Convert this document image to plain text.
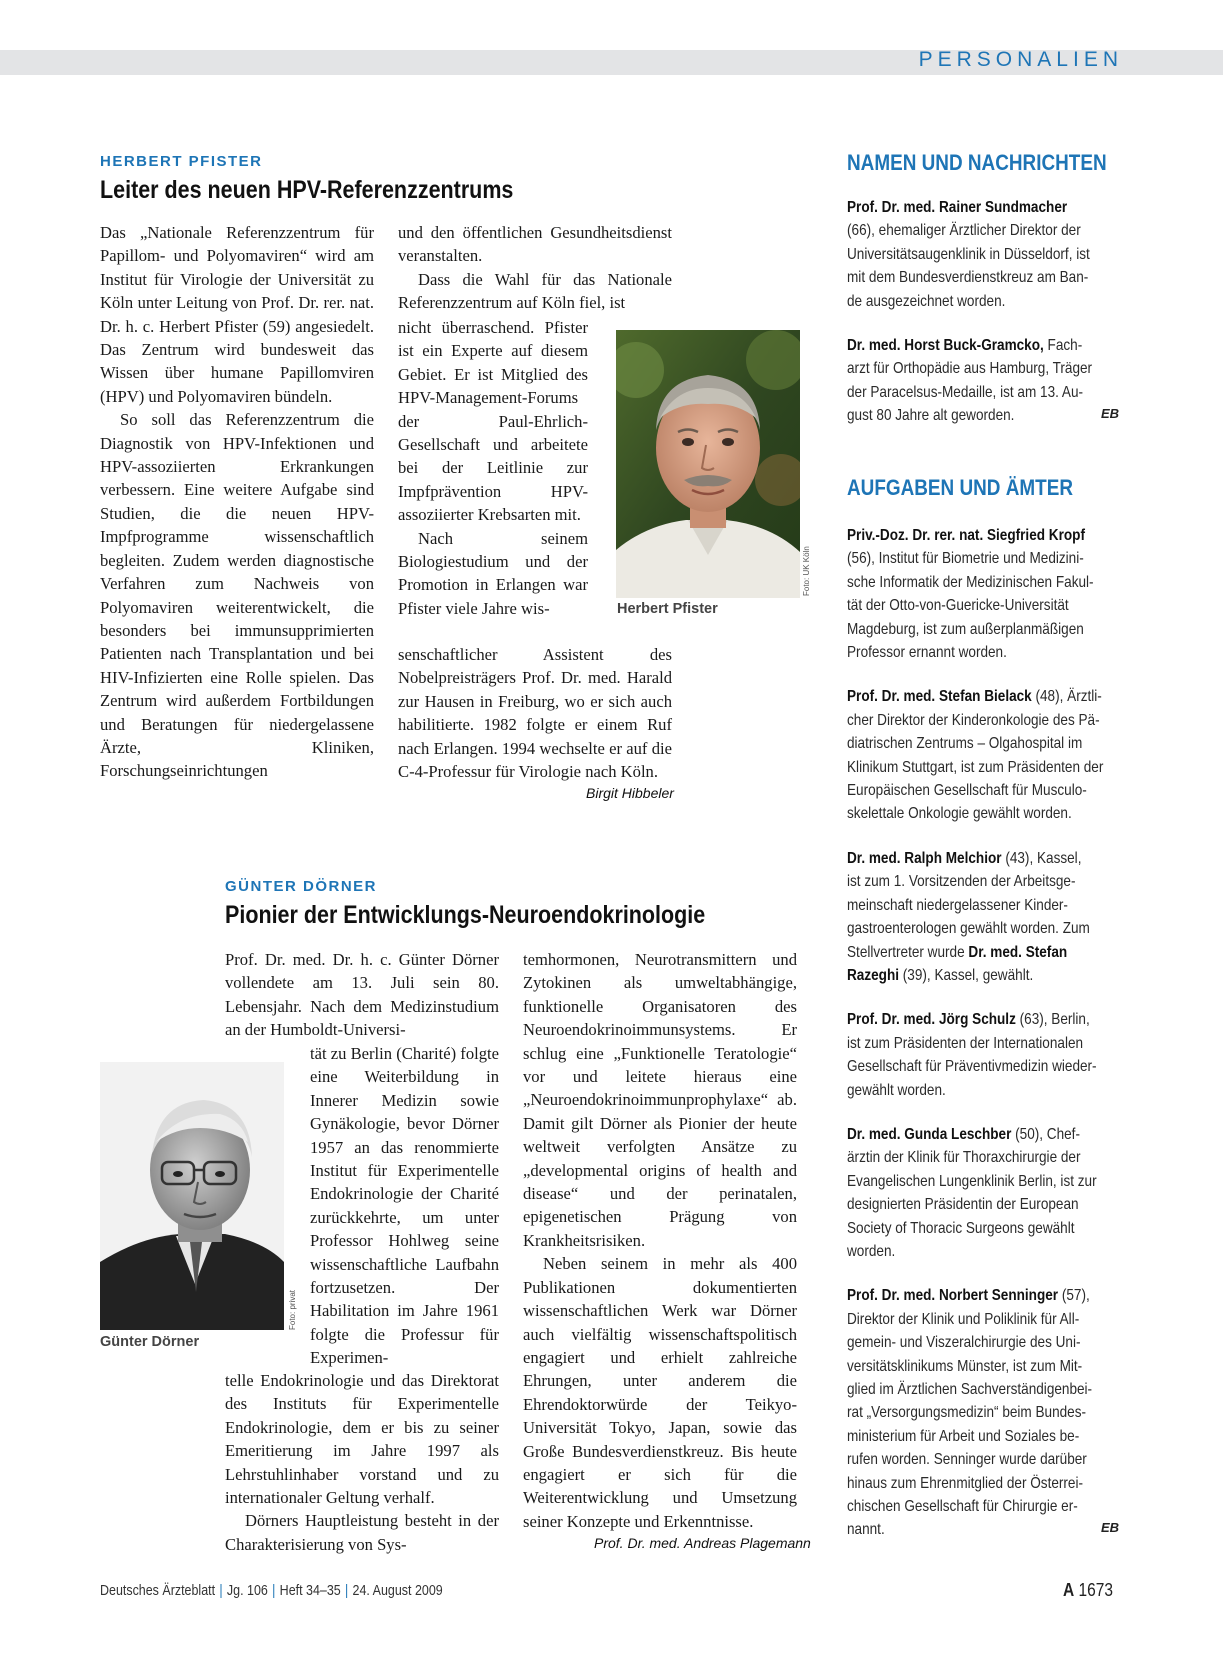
PERSONALIEN
HERBERT PFISTER
Leiter des neuen HPV-Referenzzentrums

Das „Nationale Referenzzentrum für Papillom- und Polyomaviren“ wird am Institut für Virologie der Universität zu Köln unter Leitung von Prof. Dr. rer. nat. Dr. h. c. Herbert Pfister (59) angesiedelt. Das Zentrum wird bundesweit das Wissen über humane Papillomviren (HPV) und Polyomaviren bündeln.

So soll das Referenzzentrum die Diagnostik von HPV-Infektionen und HPV-assoziierten Erkrankungen verbessern. Eine weitere Aufgabe sind Studien, die die neuen HPV-Impfprogramme wissenschaftlich begleiten. Zudem werden diagnostische Verfahren zum Nachweis von Polyomaviren weiterentwickelt, die besonders bei immunsupprimierten Patienten nach Transplantation und bei HIV-Infizierten eine Rolle spielen. Das Zentrum wird außerdem Fortbildungen und Beratungen für niedergelassene Ärzte, Kliniken, Forschungseinrichtungen

und den öffentlichen Gesundheitsdienst veranstalten.

Dass die Wahl für das Nationale Referenzzentrum auf Köln fiel, ist

nicht überraschend. Pfister ist ein Experte auf diesem Gebiet. Er ist Mitglied des HPV-Management-Forums der Paul-Ehrlich-Gesellschaft und arbeitete bei der Leitlinie zur Impfprävention HPV-assoziierter Krebsarten mit.

Nach seinem Biologiestudium und der Promotion in Erlangen war Pfister viele Jahre wis-

senschaftlicher Assistent des Nobelpreisträgers Prof. Dr. med. Harald zur Hausen in Freiburg, wo er sich auch habilitierte. 1982 folgte er einem Ruf nach Erlangen. 1994 wechselte er auf die C-4-Professur für Virologie nach Köln.

Birgit Hibbeler
Herbert Pfister
Foto: UK Köln
GÜNTER DÖRNER
Pionier der Entwicklungs-Neuroendokrinologie

Prof. Dr. med. Dr. h. c. Günter Dörner vollendete am 13. Juli sein 80. Lebensjahr. Nach dem Medizinstudium an der Humboldt-Universi-

tät zu Berlin (Charité) folgte eine Weiterbildung in Innerer Medizin sowie Gynäkologie, bevor Dörner 1957 an das renommierte Institut für Experimentelle Endokrinologie der Charité zurückkehrte, um unter Professor Hohlweg seine wissenschaftliche Laufbahn fortzusetzen. Der Habilitation im Jahre 1961 folgte die Professur für Experimen-

telle Endokrinologie und das Direktorat des Instituts für Experimentelle Endokrinologie, dem er bis zu seiner Emeritierung im Jahre 1997 als Lehrstuhlinhaber vorstand und zu internationaler Geltung verhalf.

Dörners Hauptleistung besteht in der Charakterisierung von Sys-

temhormonen, Neurotransmittern und Zytokinen als umweltabhängige, funktionelle Organisatoren des Neuroendokrinoimmunsystems. Er schlug eine „Funktionelle Teratologie“ vor und leitete hieraus eine „Neuroendokrinoimmunprophylaxe“ ab. Damit gilt Dörner als Pionier der heute weltweit verfolgten Ansätze zu „developmental origins of health and disease“ und der perinatalen, epigenetischen Prägung von Krankheitsrisiken.

Neben seinem in mehr als 400 Publikationen dokumentierten wissenschaftlichen Werk war Dörner auch vielfältig wissenschaftspolitisch engagiert und erhielt zahlreiche Ehrungen, unter anderem die Ehrendoktorwürde der Teikyo-Universität Tokyo, Japan, sowie das Große Bundesverdienstkreuz. Bis heute engagiert er sich für die Weiterentwicklung und Umsetzung seiner Konzepte und Erkenntnisse.

Prof. Dr. med. Andreas Plagemann
Günter Dörner
Foto: privat
NAMEN UND NACHRICHTEN
Prof. Dr. med. Rainer Sundmacher
(66), ehemaliger Ärztlicher Direktor der
Universitätsaugenklinik in Düsseldorf, ist
mit dem Bundesverdienstkreuz am Ban-
de ausgezeichnet worden.
Dr. med. Horst Buck-Gramcko, Fach-
arzt für Orthopädie aus Hamburg, Träger
der Paracelsus-Medaille, ist am 13. Au-
gust 80 Jahre alt geworden.	EB
AUFGABEN UND ÄMTER
Priv.-Doz. Dr. rer. nat. Siegfried Kropf
(56), Institut für Biometrie und Medizini-
sche Informatik der Medizinischen Fakul-
tät der Otto-von-Guericke-Universität
Magdeburg, ist zum außerplanmäßigen
Professor ernannt worden.
Prof. Dr. med. Stefan Bielack (48), Ärztli-
cher Direktor der Kinderonkologie des Pä-
diatrischen Zentrums – Olgahospital im
Klinikum Stuttgart, ist zum Präsidenten der
Europäischen Gesellschaft für Musculo-
skelettale Onkologie gewählt worden.
Dr. med. Ralph Melchior (43), Kassel,
ist zum 1. Vorsitzenden der Arbeitsge-
meinschaft niedergelassener Kinder-
gastroenterologen gewählt worden. Zum
Stellvertreter wurde Dr. med. Stefan
Razeghi (39), Kassel, gewählt.
Prof. Dr. med. Jörg Schulz (63), Berlin,
ist zum Präsidenten der Internationalen
Gesellschaft für Präventivmedizin wieder-
gewählt worden.
Dr. med. Gunda Leschber (50), Chef-
ärztin der Klinik für Thoraxchirurgie der
Evangelischen Lungenklinik Berlin, ist zur
designierten Präsidentin der European
Society of Thoracic Surgeons gewählt
worden.
Prof. Dr. med. Norbert Senninger (57),
Direktor der Klinik und Poliklinik für All-
gemein- und Viszeralchirurgie des Uni-
versitätsklinikums Münster, ist zum Mit-
glied im Ärztlichen Sachverständigenbei-
rat „Versorgungsmedizin“ beim Bundes-
ministerium für Arbeit und Soziales be-
rufen worden. Senninger wurde darüber
hinaus zum Ehrenmitglied der Österrei-
chischen Gesellschaft für Chirurgie er-
nannt.	EB
Deutsches Ärzteblatt | Jg. 106 | Heft 34–35 | 24. August 2009	A 1673
